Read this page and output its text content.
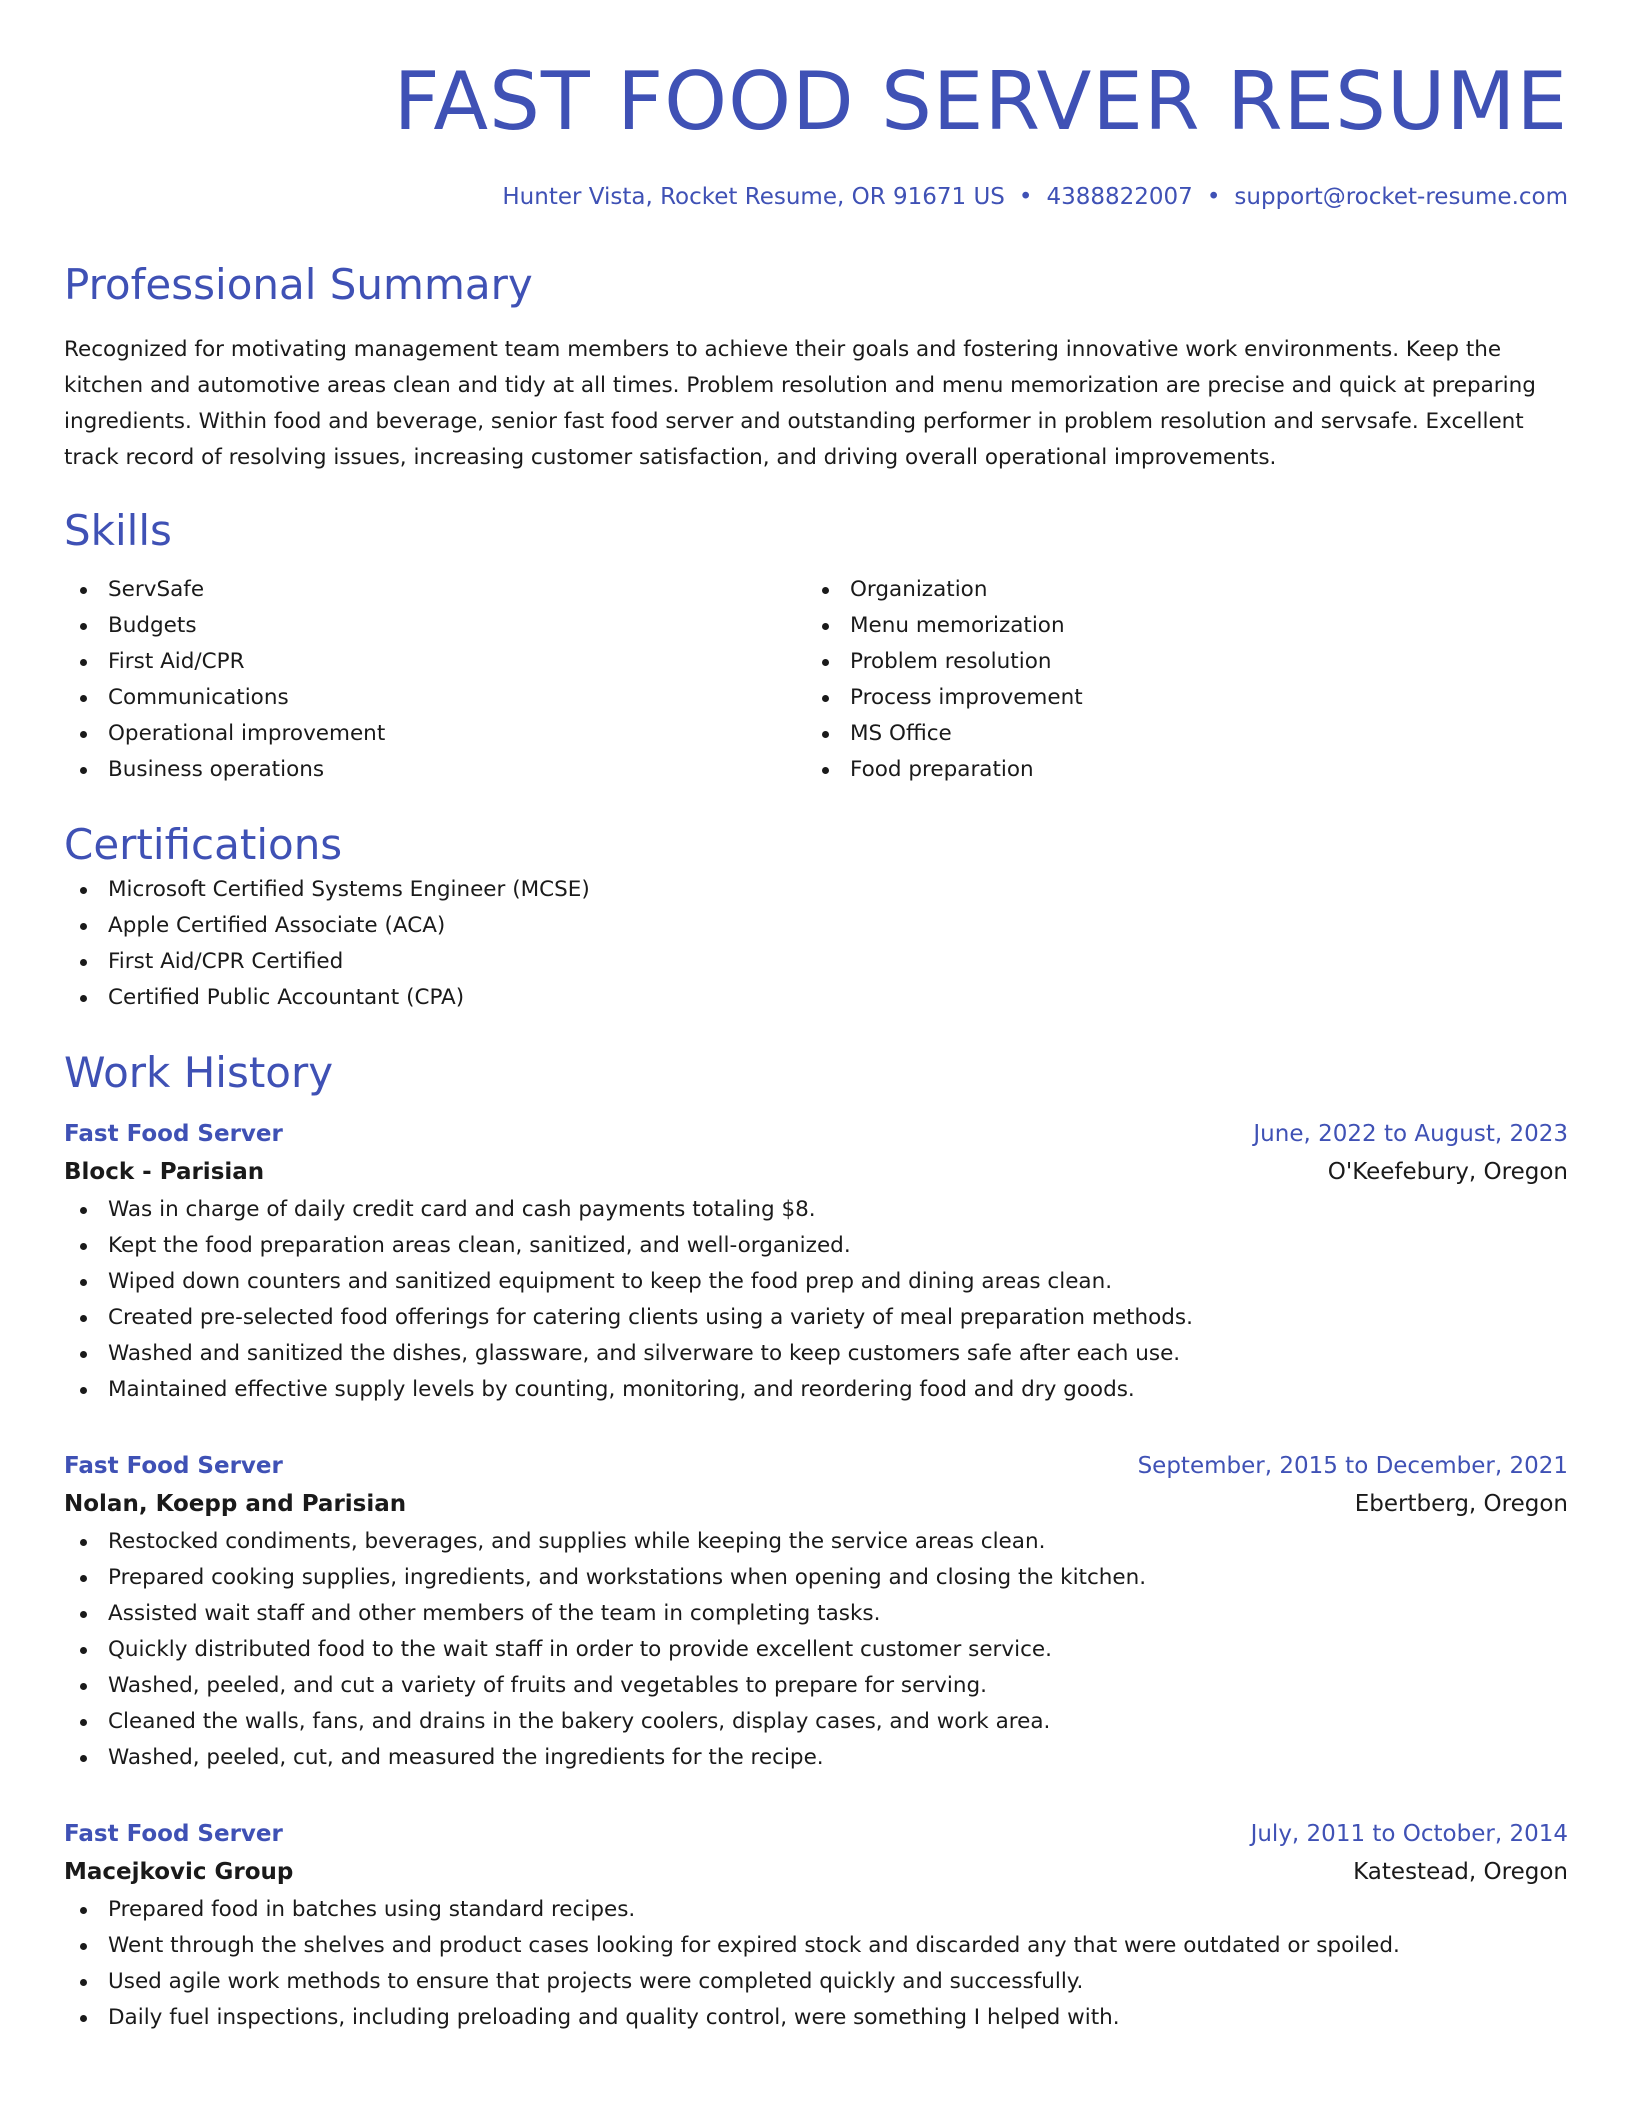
FAST FOOD SERVER RESUME
Hunter Vista, Rocket Resume, OR 91671 US • 4388822007 • support@rocket-resume.com
Professional Summary
Recognized for motivating management team members to achieve their goals and fostering innovative work environments. Keep the kitchen and automotive areas clean and tidy at all times. Problem resolution and menu memorization are precise and quick at preparing ingredients. Within food and beverage, senior fast food server and outstanding performer in problem resolution and servsafe. Excellent track record of resolving issues, increasing customer satisfaction, and driving overall operational improvements.
Skills
ServSafe
Budgets
First Aid/CPR
Communications
Operational improvement
Business operations
Organization
Menu memorization
Problem resolution
Process improvement
MS Office
Food preparation
Certifications
Microsoft Certified Systems Engineer (MCSE)
Apple Certified Associate (ACA)
First Aid/CPR Certified
Certified Public Accountant (CPA)
Work History
Fast Food Server	June, 2022 to August, 2023
Block - Parisian	O'Keefebury, Oregon
Was in charge of daily credit card and cash payments totaling $8.
Kept the food preparation areas clean, sanitized, and well-organized.
Wiped down counters and sanitized equipment to keep the food prep and dining areas clean.
Created pre-selected food offerings for catering clients using a variety of meal preparation methods.
Washed and sanitized the dishes, glassware, and silverware to keep customers safe after each use.
Maintained effective supply levels by counting, monitoring, and reordering food and dry goods.
Fast Food Server	September, 2015 to December, 2021
Nolan, Koepp and Parisian	Ebertberg, Oregon
Restocked condiments, beverages, and supplies while keeping the service areas clean.
Prepared cooking supplies, ingredients, and workstations when opening and closing the kitchen.
Assisted wait staff and other members of the team in completing tasks.
Quickly distributed food to the wait staff in order to provide excellent customer service.
Washed, peeled, and cut a variety of fruits and vegetables to prepare for serving.
Cleaned the walls, fans, and drains in the bakery coolers, display cases, and work area.
Washed, peeled, cut, and measured the ingredients for the recipe.
Fast Food Server	July, 2011 to October, 2014
Macejkovic Group	Katestead, Oregon
Prepared food in batches using standard recipes.
Went through the shelves and product cases looking for expired stock and discarded any that were outdated or spoiled.
Used agile work methods to ensure that projects were completed quickly and successfully.
Daily fuel inspections, including preloading and quality control, were something I helped with.
